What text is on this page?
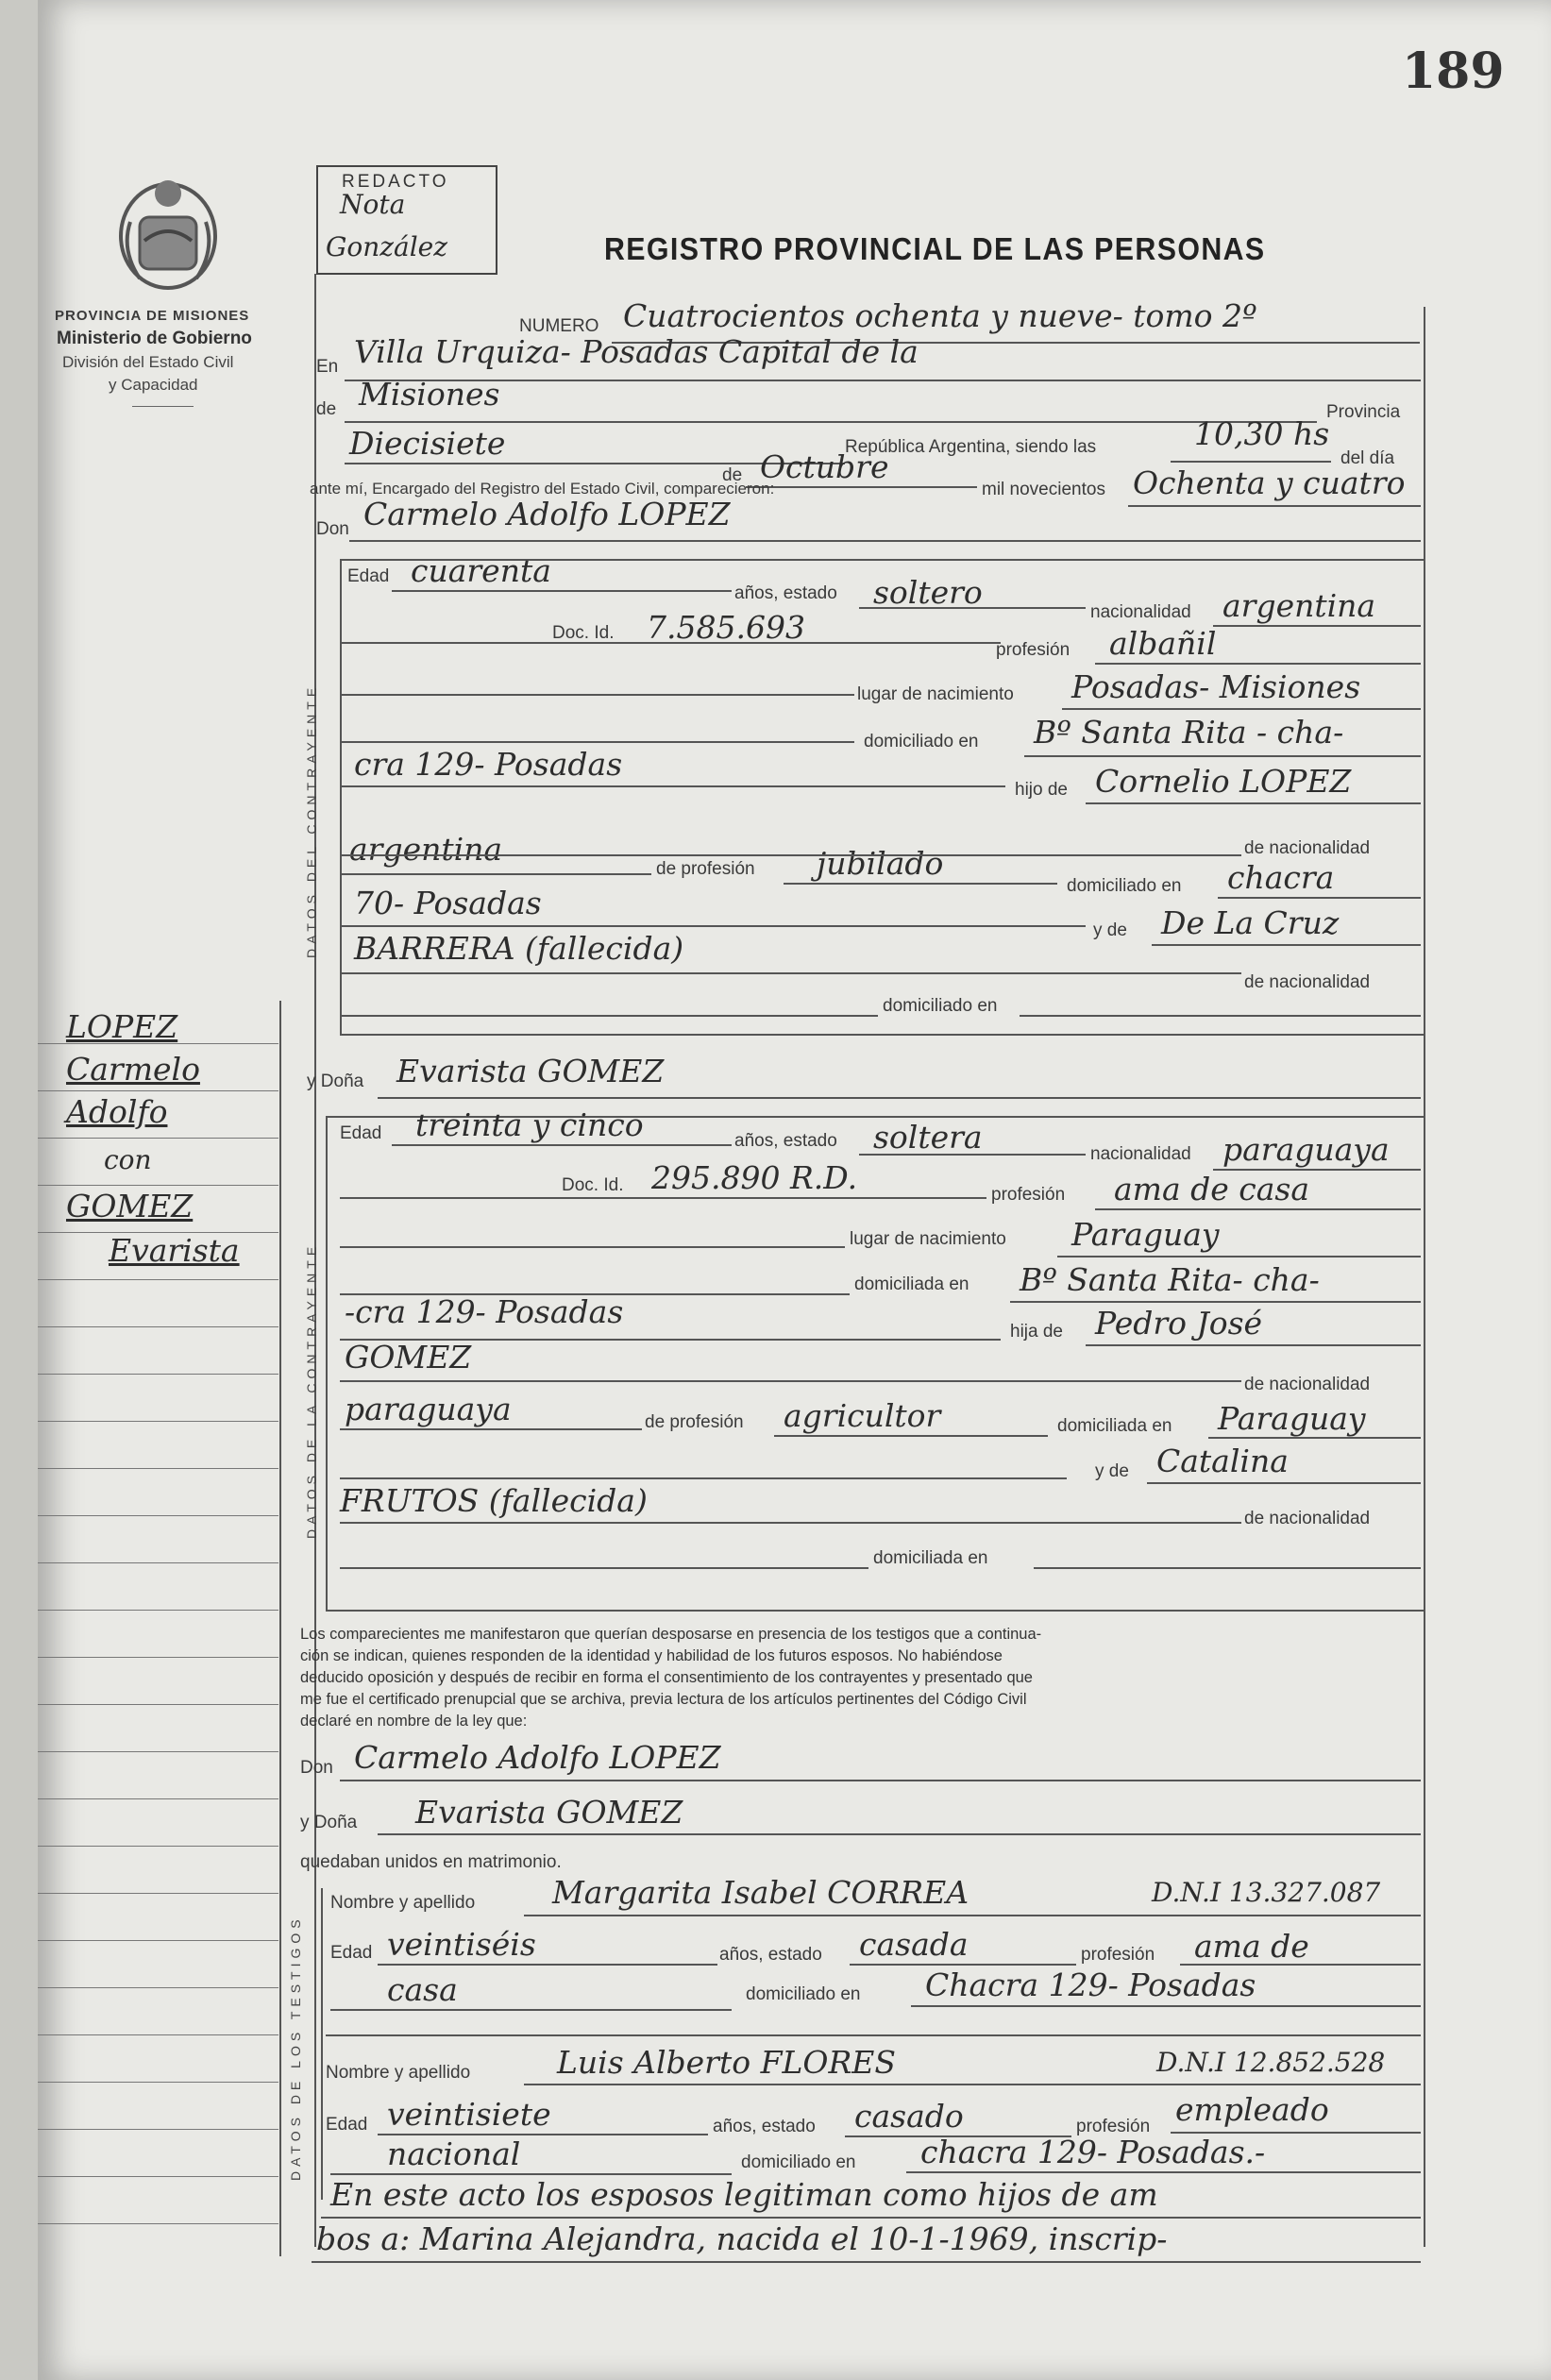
189
PROVINCIA DE MISIONES
Ministerio de Gobierno
División del Estado Civil
y Capacidad
REDACTO
Nota
González	REGISTRO PROVINCIAL DE LAS PERSONAS
NUMERO Cuatrocientos ochenta y nueve- tomo 2º
En Villa Urquiza- Posadas Capital de la
de Misiones	Provincia
Diecisiete	República Argentina, siendo las	10,30 hs
del día
de Octubre
mil novecientos Ochenta y cuatro
ante mí, Encargado del Registro del Estado Civil, comparecieron:
Don Carmelo Adolfo LOPEZ
DATOS DEL CONTRAYENTE
Edad cuarenta
años, estado soltero
nacionalidad argentina
Doc. Id. 7.585.693
profesión albañil
lugar de nacimiento Posadas- Misiones
domiciliado en Bº Santa Rita - cha-
cra 129- Posadas
hijo de Cornelio LOPEZ
argentina
de profesión jubilado
domiciliado en chacra
de nacionalidad
70- Posadas
y de De La Cruz
BARRERA (fallecida)
de nacionalidad
domiciliado en
y Doña Evarista GOMEZ
DATOS DE LA CONTRAYENTE
Edad treinta y cinco	años, estado soltera	nacionalidad paraguaya
Doc. Id. 295.890 R.D.	profesión ama de casa
lugar de nacimiento Paraguay
domiciliada en Bº Santa Rita- cha-
-cra 129- Posadas
hija de Pedro José
GOMEZ
de nacionalidad
paraguaya	de profesión agricultor	domiciliada en Paraguay
y de Catalina
FRUTOS (fallecida)	de nacionalidad
domiciliada en
Los comparecientes me manifestaron que querían desposarse en presencia de los testigos que a continua-
ción se indican, quienes responden de la identidad y habilidad de los futuros esposos. No habiéndose
deducido oposición y después de recibir en forma el consentimiento de los contrayentes y presentado que
me fue el certificado prenupcial que se archiva, previa lectura de los artículos pertinentes del Código Civil
declaré en nombre de la ley que:
Don Carmelo Adolfo LOPEZ
y Doña Evarista GOMEZ
quedaban unidos en matrimonio.
DATOS DE LOS TESTIGOS
Nombre y apellido Margarita Isabel CORREA	D.N.I 13.327.087
Edad veintiséis	años, estado casada	profesión ama de
casa	domiciliado en Chacra 129- Posadas
Nombre y apellido	Luis Alberto FLORES	D.N.I 12.852.528
Edad veintisiete	años, estado casado	profesión empleado
nacional	domiciliado en chacra 129- Posadas.-
En este acto los esposos legitiman como hijos de am
bos a: Marina Alejandra, nacida el 10-1-1969, inscrip-
LOPEZ
Carmelo
Adolfo
con
GOMEZ
Evarista
